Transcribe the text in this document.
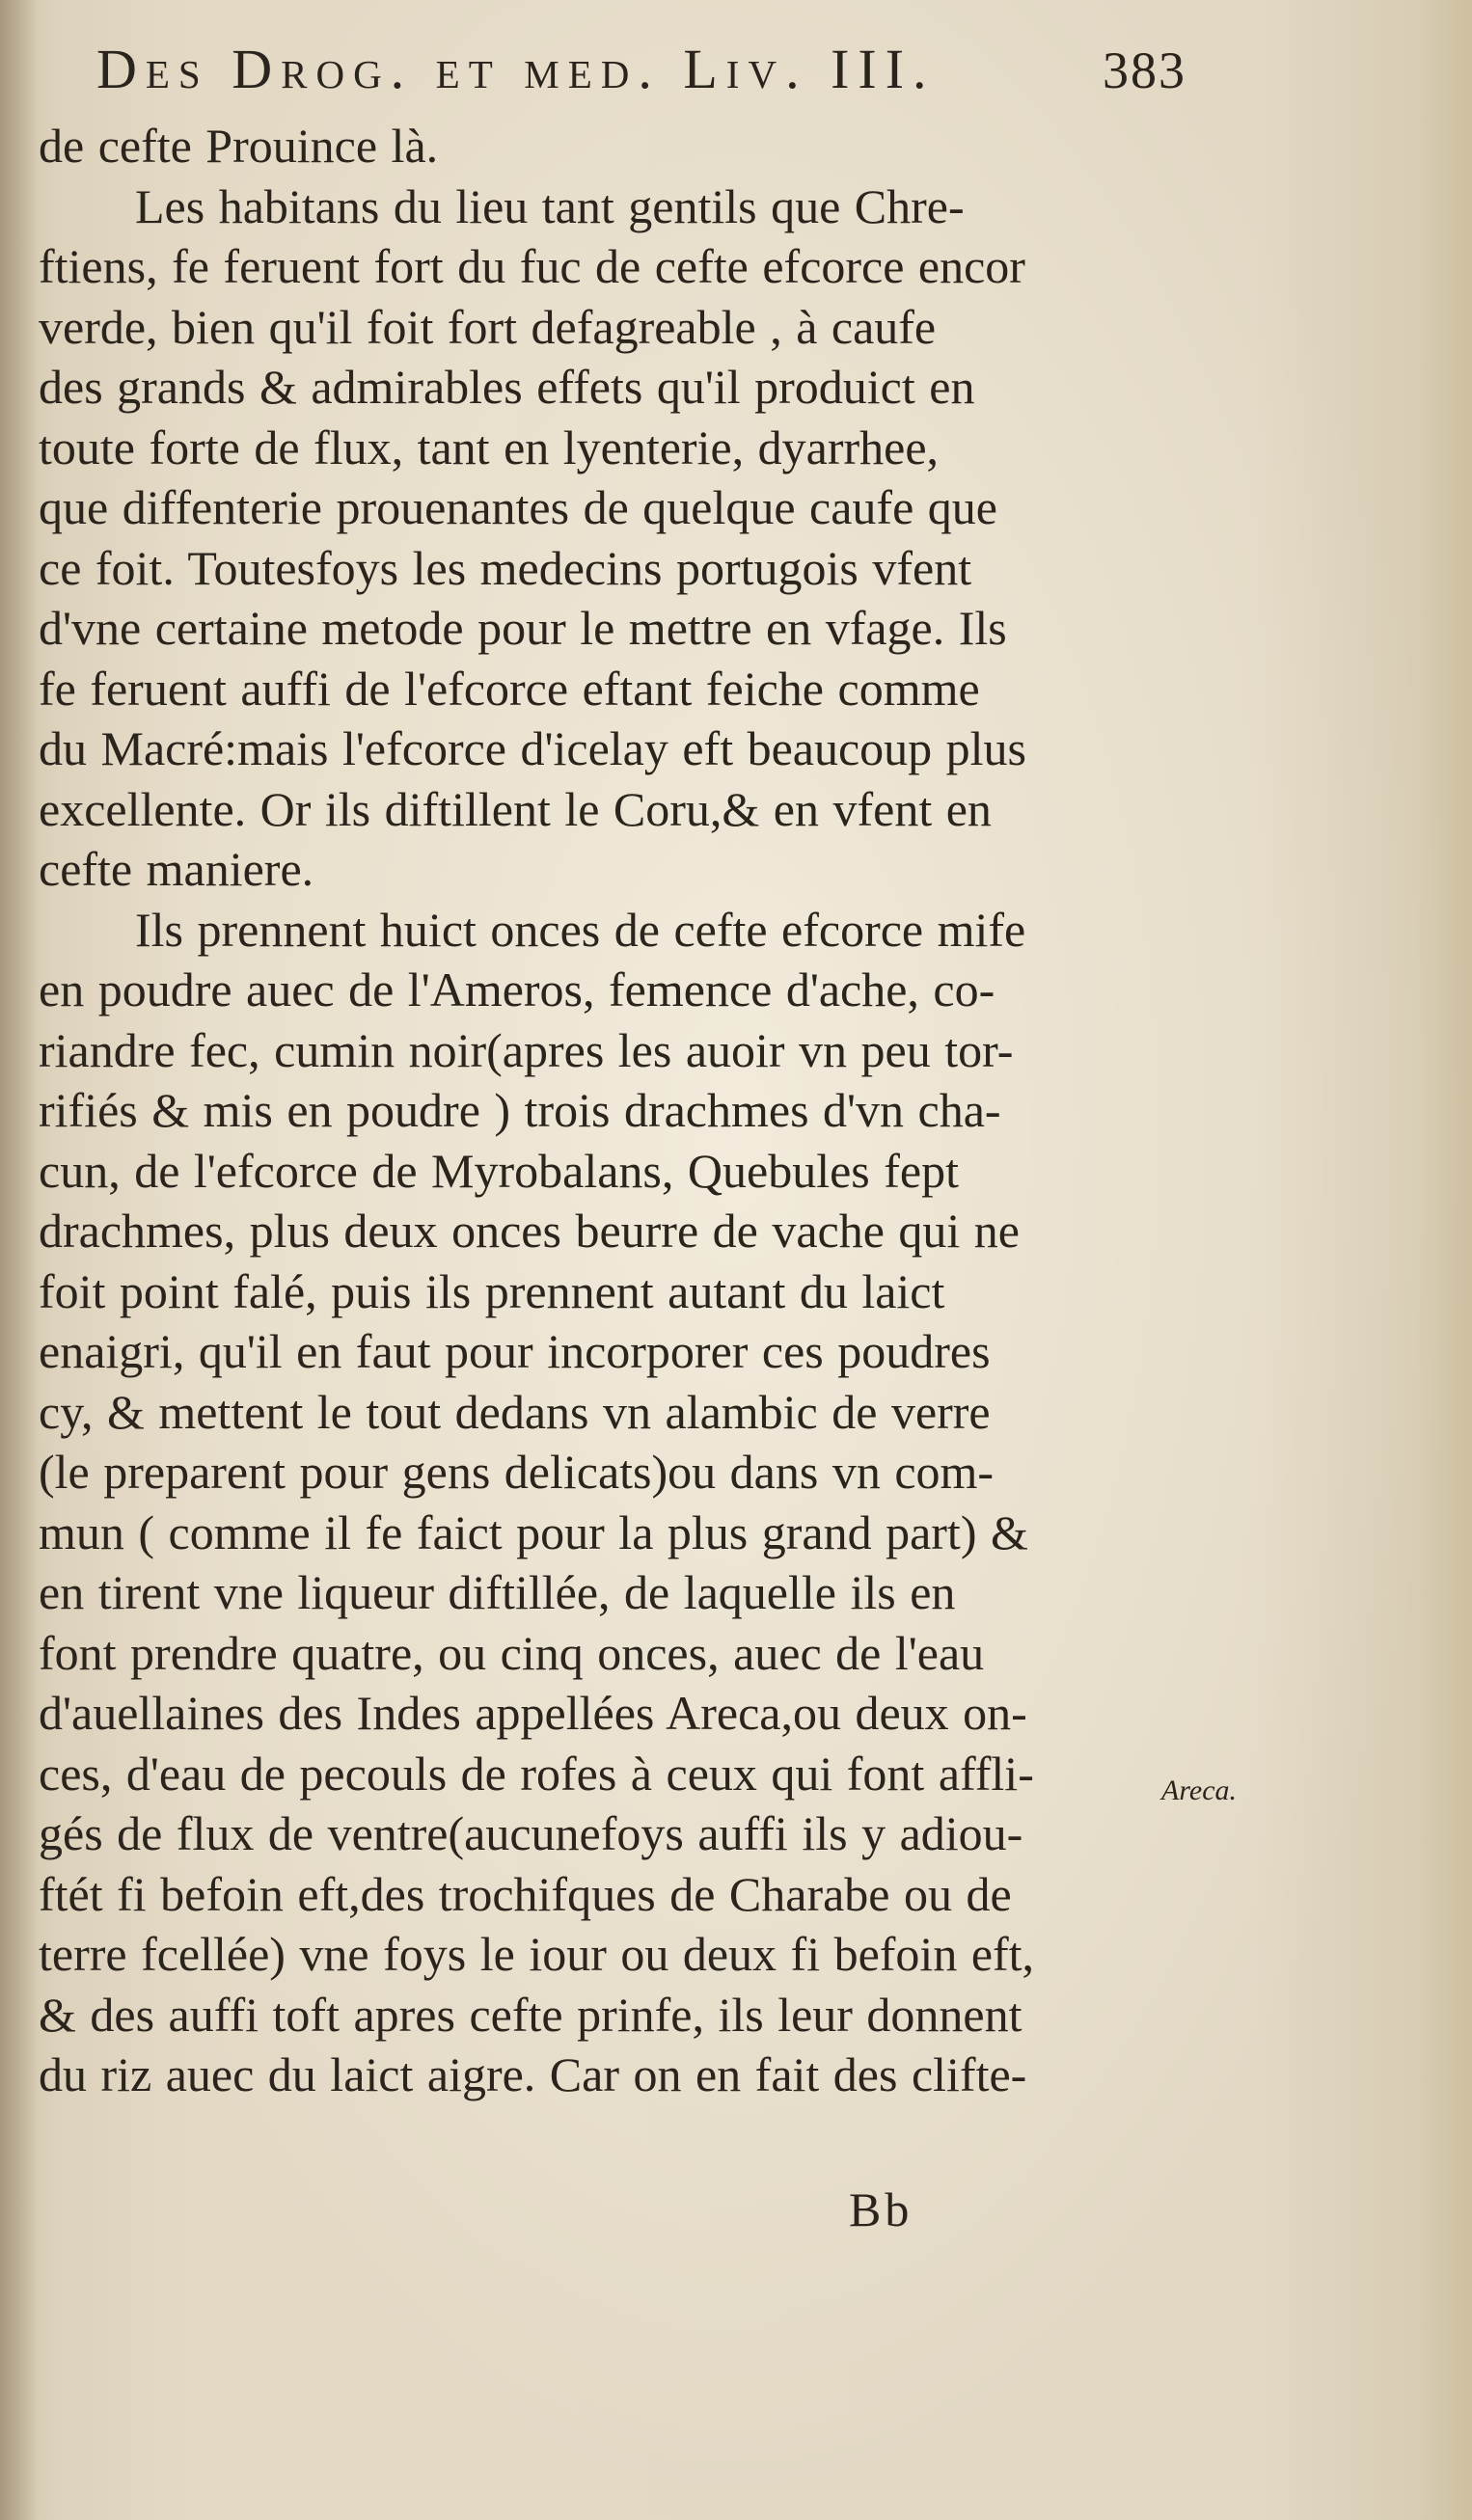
Des Drog. et med. Liv. III.	383
de cefte Prouince là.
Les habitans du lieu tant gentils que Chre-
ftiens, fe feruent fort du fuc de cefte efcorce encor
verde, bien qu'il foit fort defagreable , à caufe
des grands & admirables effets qu'il produict en
toute forte de flux, tant en lyenterie, dyarrhee,
que diffenterie prouenantes de quelque caufe que
ce foit. Toutesfoys les medecins portugois vfent
d'vne certaine metode pour le mettre en vfage. Ils
fe feruent auffi de l'efcorce eftant feiche comme
du Macré:mais l'efcorce d'icelay eft beaucoup plus
excellente. Or ils diftillent le Coru,& en vfent en
cefte maniere.
Ils prennent huict onces de cefte efcorce mife
en poudre auec de l'Ameros, femence d'ache, co-
riandre fec, cumin noir(apres les auoir vn peu tor-
rifiés & mis en poudre ) trois drachmes d'vn cha-
cun, de l'efcorce de Myrobalans, Quebules fept
drachmes, plus deux onces beurre de vache qui ne
foit point falé, puis ils prennent autant du laict
enaigri, qu'il en faut pour incorporer ces poudres
cy, & mettent le tout dedans vn alambic de verre
(le preparent pour gens delicats)ou dans vn com-
mun ( comme il fe faict pour la plus grand part) &
en tirent vne liqueur diftillée, de laquelle ils en
font prendre quatre, ou cinq onces, auec de l'eau
d'auellaines des Indes appellées Areca,ou deux on-
ces, d'eau de pecouls de rofes à ceux qui font affli-
gés de flux de ventre(aucunefoys auffi ils y adiou-
ftét fi befoin eft,des trochifques de Charabe ou de
terre fcellée) vne foys le iour ou deux fi befoin eft,
& des auffi toft apres cefte prinfe, ils leur donnent
du riz auec du laict aigre. Car on en fait des clifte-
Areca.
Bb
